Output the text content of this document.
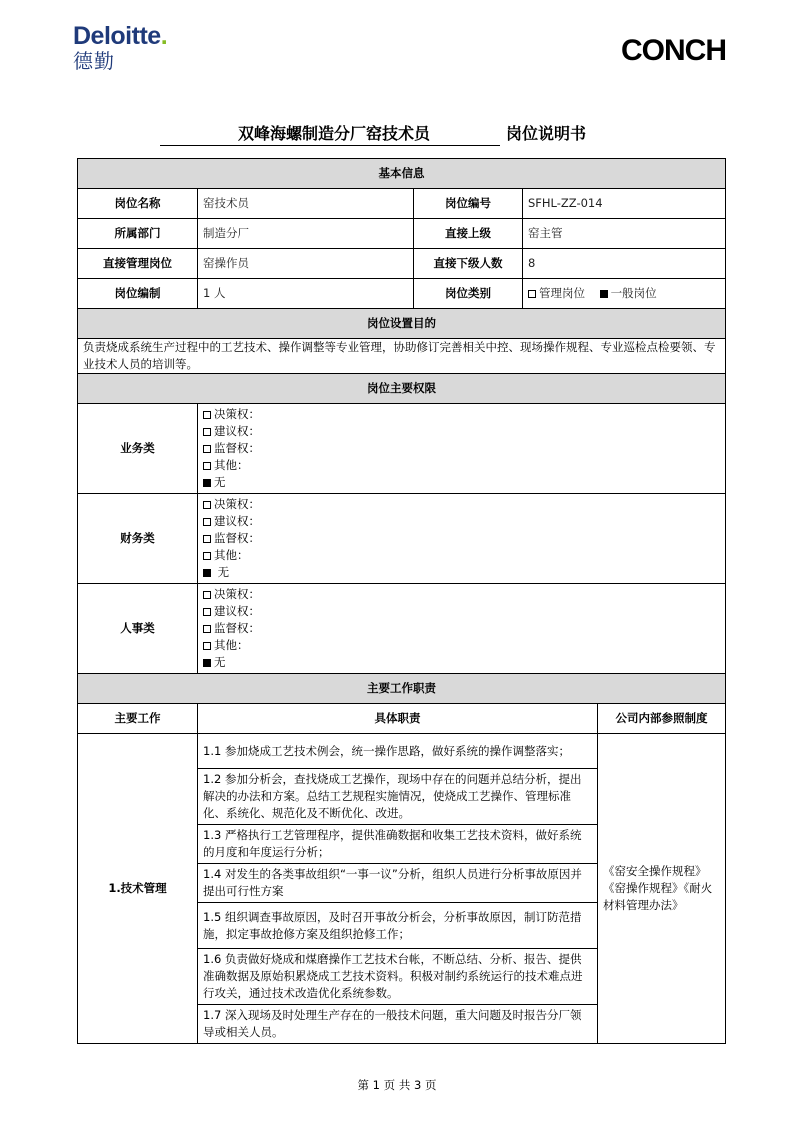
Deloitte.
德勤	CONCH
双峰海螺制造分厂窑技术员	岗位说明书
基本信息				
岗位名称	窑技术员	岗位编号	SFHL-ZZ-014	
所属部门	制造分厂	直接上级	窑主管	
直接管理岗位	窑操作员	直接下级人数	8	
岗位编制	1 人	岗位类别	管理岗位 一般岗位	
岗位设置目的				
负责烧成系统生产过程中的工艺技术、操作调整等专业管理，协助修订完善相关中控、现场操作规程、专业巡检点检要领、专业技术人员的培训等。				
岗位主要权限				
业务类	决策权：
建议权：
监督权：
其他：
无			

财务类	决策权：
建议权：
监督权：
其他：
无			

人事类	决策权：
建议权：
监督权：
其他：
无			

主要工作职责				
主要工作	具体职责			公司内部参照制度
1.技术管理	1.1 参加烧成工艺技术例会，统一操作思路，做好系统的操作调整落实；			《窑安全操作规程》《窑操作规程》《耐火材料管理办法》
	1.2 参加分析会，查找烧成工艺操作，现场中存在的问题并总结分析，提出解决的办法和方案。总结工艺规程实施情况，使烧成工艺操作、管理标准化、系统化、规范化及不断优化、改进。			
	1.3 严格执行工艺管理程序，提供准确数据和收集工艺技术资料，做好系统的月度和年度运行分析；			
	1.4 对发生的各类事故组织“一事一议”分析，组织人员进行分析事故原因并提出可行性方案			
	1.5 组织调查事故原因，及时召开事故分析会，分析事故原因，制订防范措施，拟定事故抢修方案及组织抢修工作；			
	1.6 负责做好烧成和煤磨操作工艺技术台帐，不断总结、分析、报告、提供准确数据及原始积累烧成工艺技术资料。积极对制约系统运行的技术难点进行攻关，通过技术改造优化系统参数。			
	1.7 深入现场及时处理生产存在的一般技术问题，重大问题及时报告分厂领导或相关人员。			
第 1 页 共 3 页
